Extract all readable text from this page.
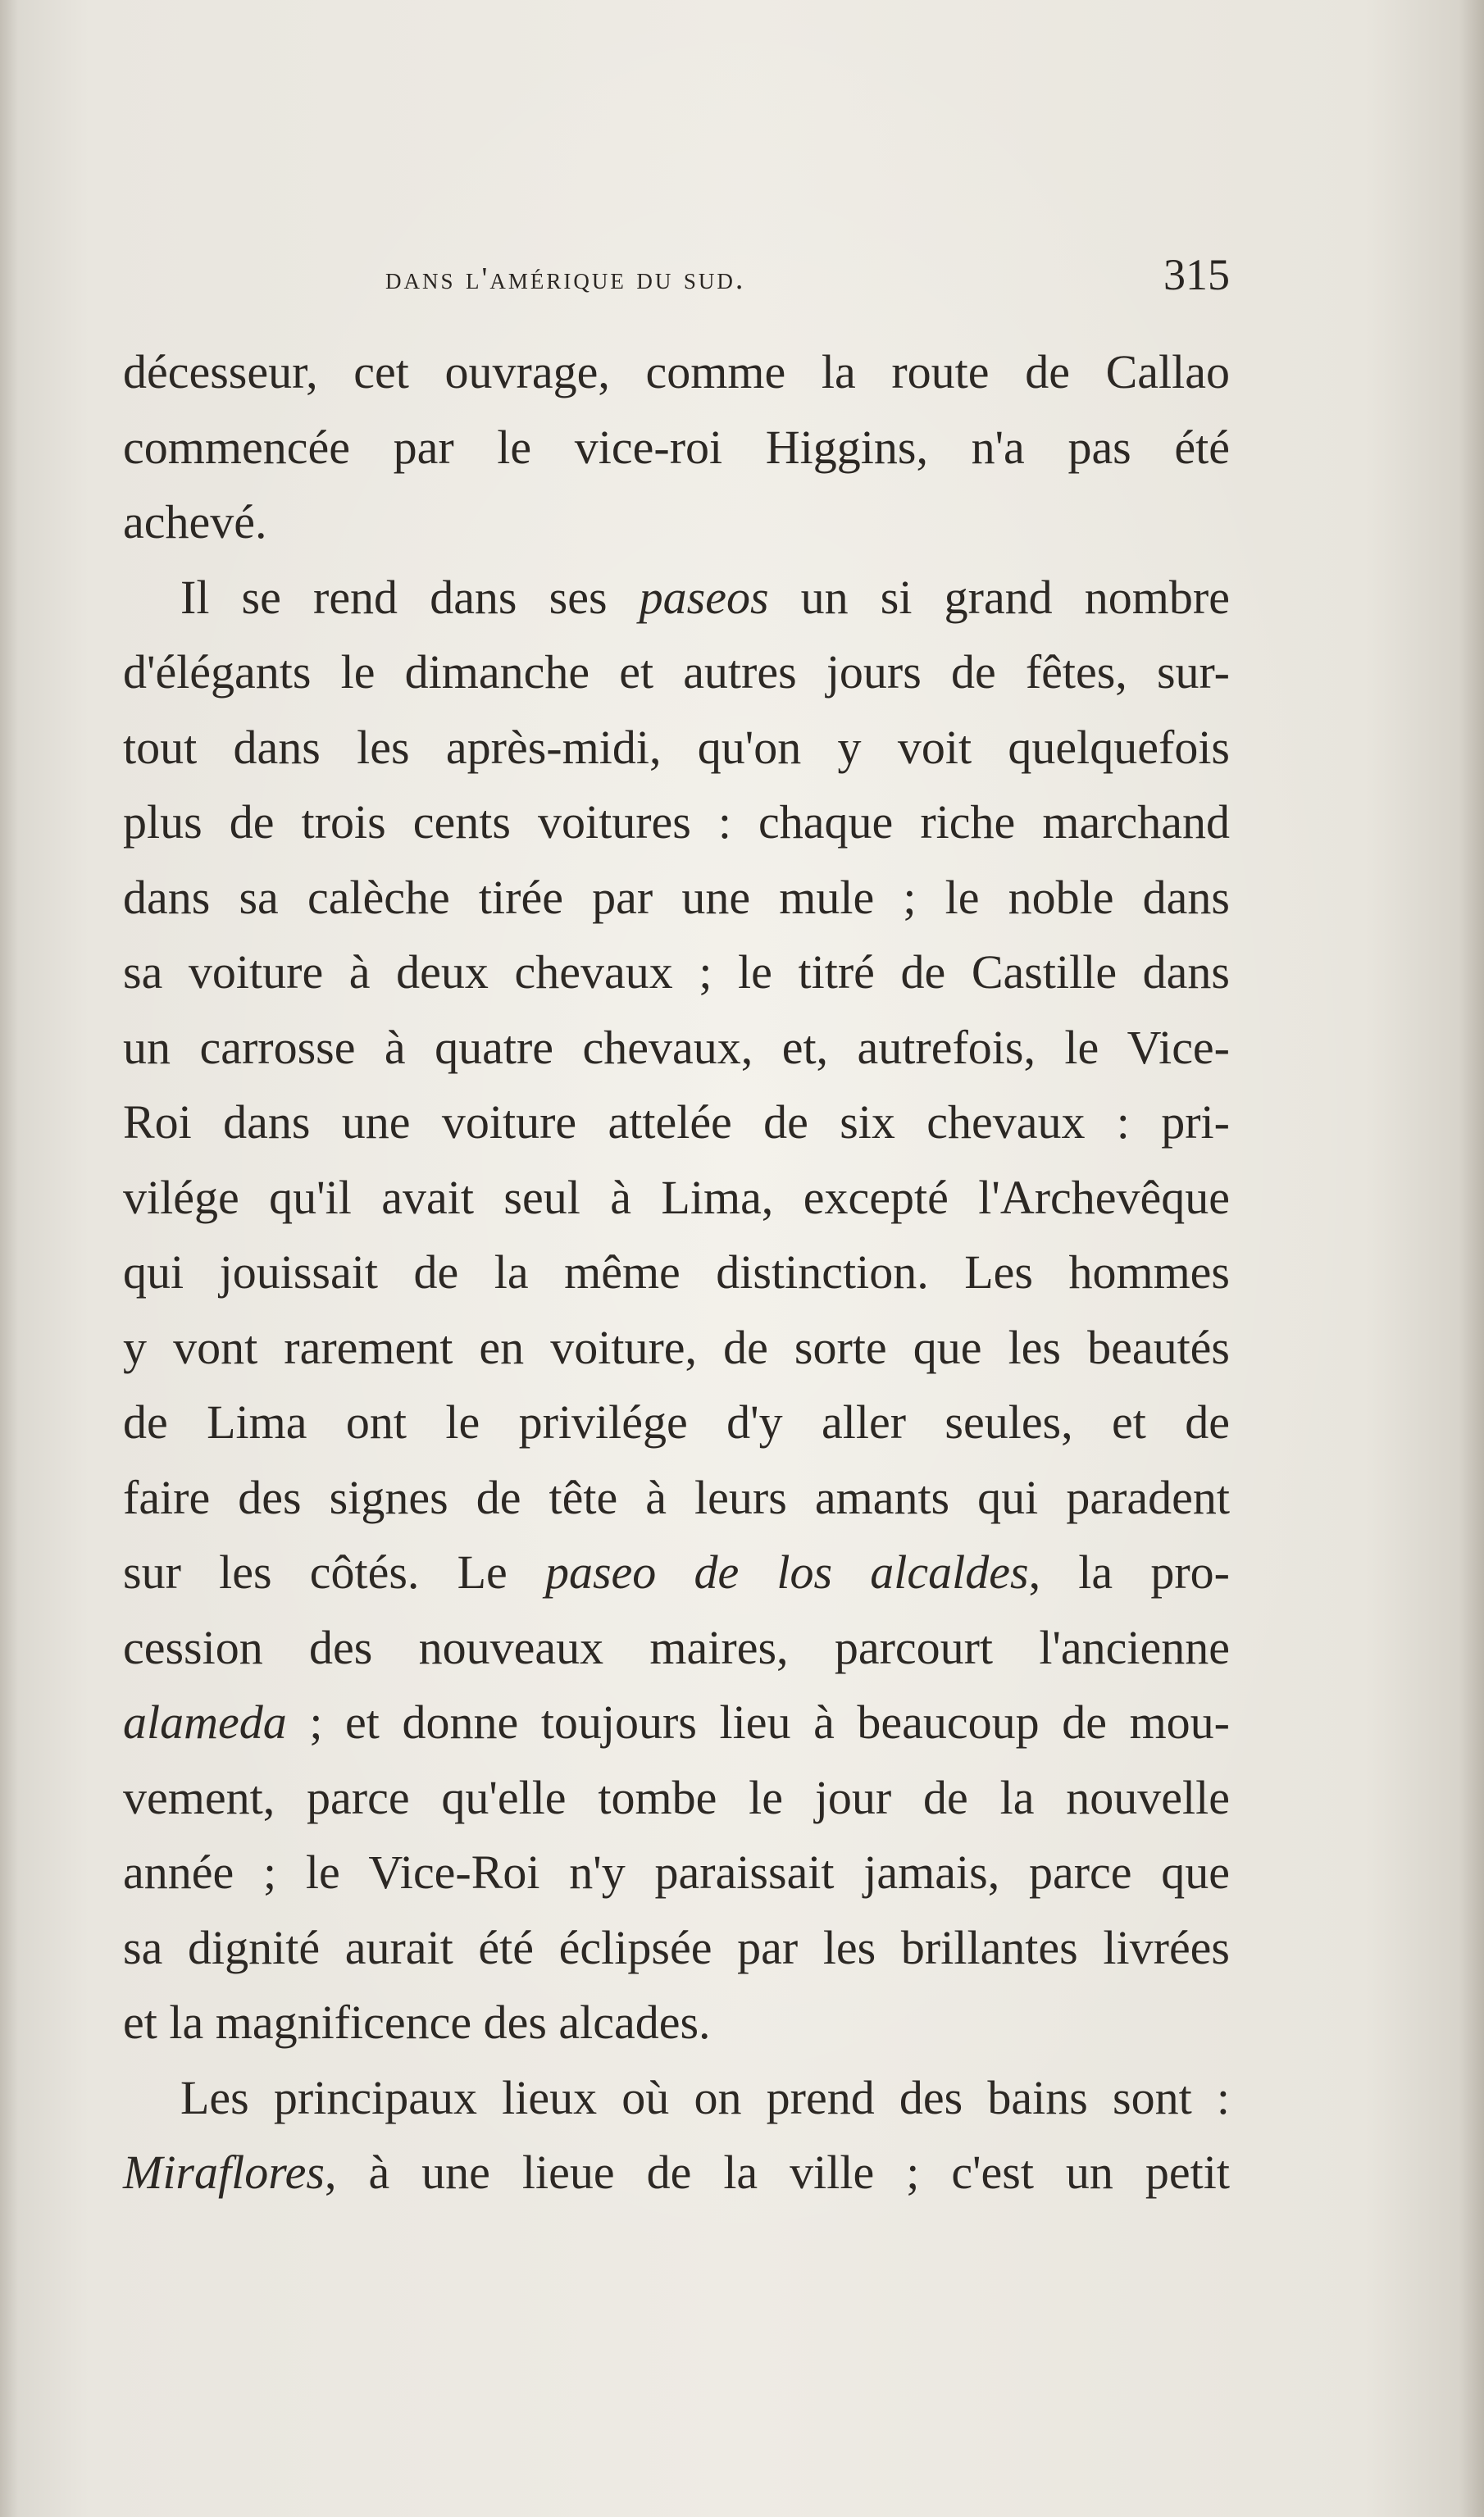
dans l'amérique du sud.	315
décesseur, cet ouvrage, comme la route de Callao
commencée par le vice-roi Higgins, n'a pas été
achevé.
Il se rend dans ses paseos un si grand nombre
d'élégants le dimanche et autres jours de fêtes, sur-
tout dans les après-midi, qu'on y voit quelquefois
plus de trois cents voitures : chaque riche marchand
dans sa calèche tirée par une mule ; le noble dans
sa voiture à deux chevaux ; le titré de Castille dans
un carrosse à quatre chevaux, et, autrefois, le Vice-
Roi dans une voiture attelée de six chevaux : pri-
vilége qu'il avait seul à Lima, excepté l'Archevêque
qui jouissait de la même distinction. Les hommes
y vont rarement en voiture, de sorte que les beautés
de Lima ont le privilége d'y aller seules, et de
faire des signes de tête à leurs amants qui paradent
sur les côtés. Le paseo de los alcaldes, la pro-
cession des nouveaux maires, parcourt l'ancienne
alameda ; et donne toujours lieu à beaucoup de mou-
vement, parce qu'elle tombe le jour de la nouvelle
année ; le Vice-Roi n'y paraissait jamais, parce que
sa dignité aurait été éclipsée par les brillantes livrées
et la magnificence des alcades.
Les principaux lieux où on prend des bains sont :
Miraflores, à une lieue de la ville ; c'est un petit
